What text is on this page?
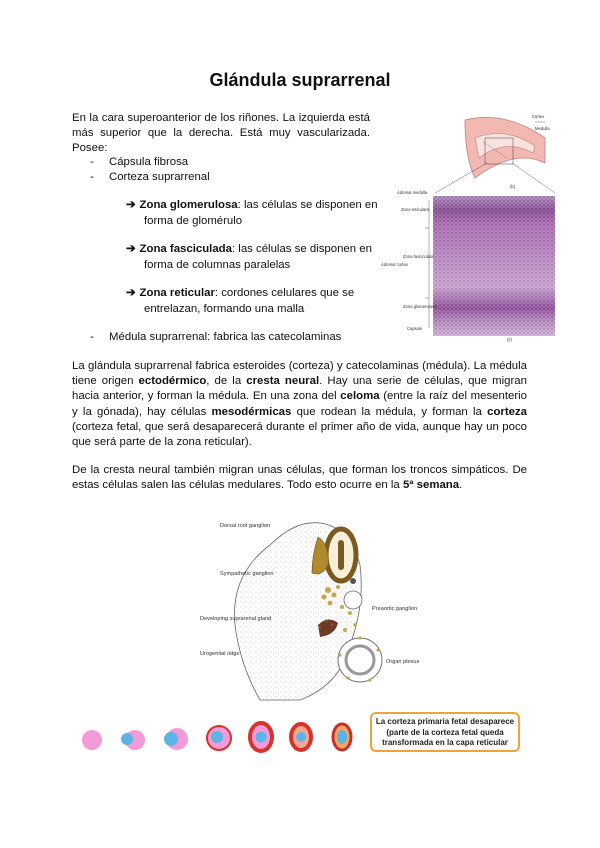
Glándula suprarrenal

En la cara superoanterior de los riñones. La izquierda está más superior que la derecha. Está muy vascularizada. Posee:

- Cápsula fibrosa
- Corteza suprarrenal
➔ Zona glomerulosa: las células se disponen en
forma de glomérulo
➔ Zona fasciculada: las células se disponen en
forma de columnas paralelas
➔ Zona reticular: cordones celulares que se
entrelazan, formando una malla
- Médula suprarrenal: fabrica las catecolaminas
Cortex
Medulla
(b)
Adrenal medulla
Zona reticularis
Zona fasciculata
Adrenal cortex
Zona glomerulosa
Capsule
(c)

La glándula suprarrenal fabrica esteroides (corteza) y catecolaminas (médula). La médula tiene origen ectodérmico, de la cresta neural. Hay una serie de células, que migran hacia anterior, y forman la médula. En una zona del celoma (entre la raíz del mesenterio y la gónada), hay células mesodérmicas que rodean la médula, y forman la corteza (corteza fetal, que será desaparecerá durante el primer año de vida, aunque hay un poco que será parte de la zona reticular).

De la cresta neural también migran unas células, que forman los troncos simpáticos. De estas células salen las células medulares. Todo esto ocurre en la 5ª semana.

Dorsal root ganglion
Sympathetic ganglion
Preaortic ganglion
Developing suprarenal gland
Urogenital ridge
Organ plexus
La corteza primaria fetal desaparece (parte de la corteza fetal queda transformada en la capa reticular
